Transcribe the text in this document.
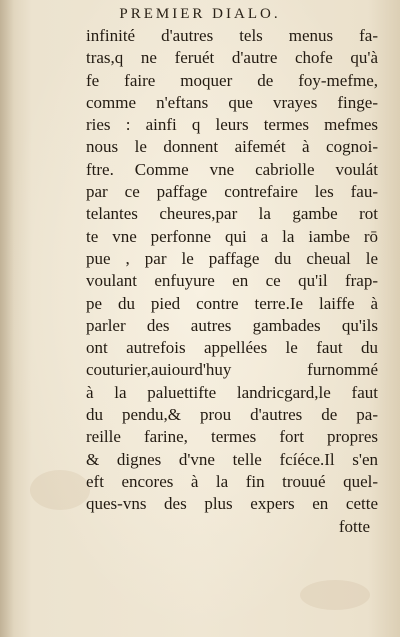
PREMIER DIALO.
infinité d'autres tels menus fa-
tras,q ne feruét d'autre chofe qu'à
fe faire moquer de foy-mefme,
comme n'eftans que vrayes finge-
ries : ainfi q leurs termes mefmes
nous le donnent aifemét à cognoi-
ftre. Comme vne cabriolle voulát
par ce paffage contrefaire les fau-
telantes cheures,par la gambe rot
te vne perfonne qui a la iambe rō
pue , par le paffage du cheual le
voulant enfuyure en ce qu'il frap-
pe du pied contre terre.Ie laiffe à
parler des autres gambades qu'ils
ont autrefois appellées le faut du
couturier,auiourd'huy furnommé
à la paluettifte landricgard,le faut
du pendu,& prou d'autres de pa-
reille farine, termes fort propres
& dignes d'vne telle fcíéce.Il s'en
eft encores à la fin trouué quel-
ques-vns des plus expers en cette
fotte
